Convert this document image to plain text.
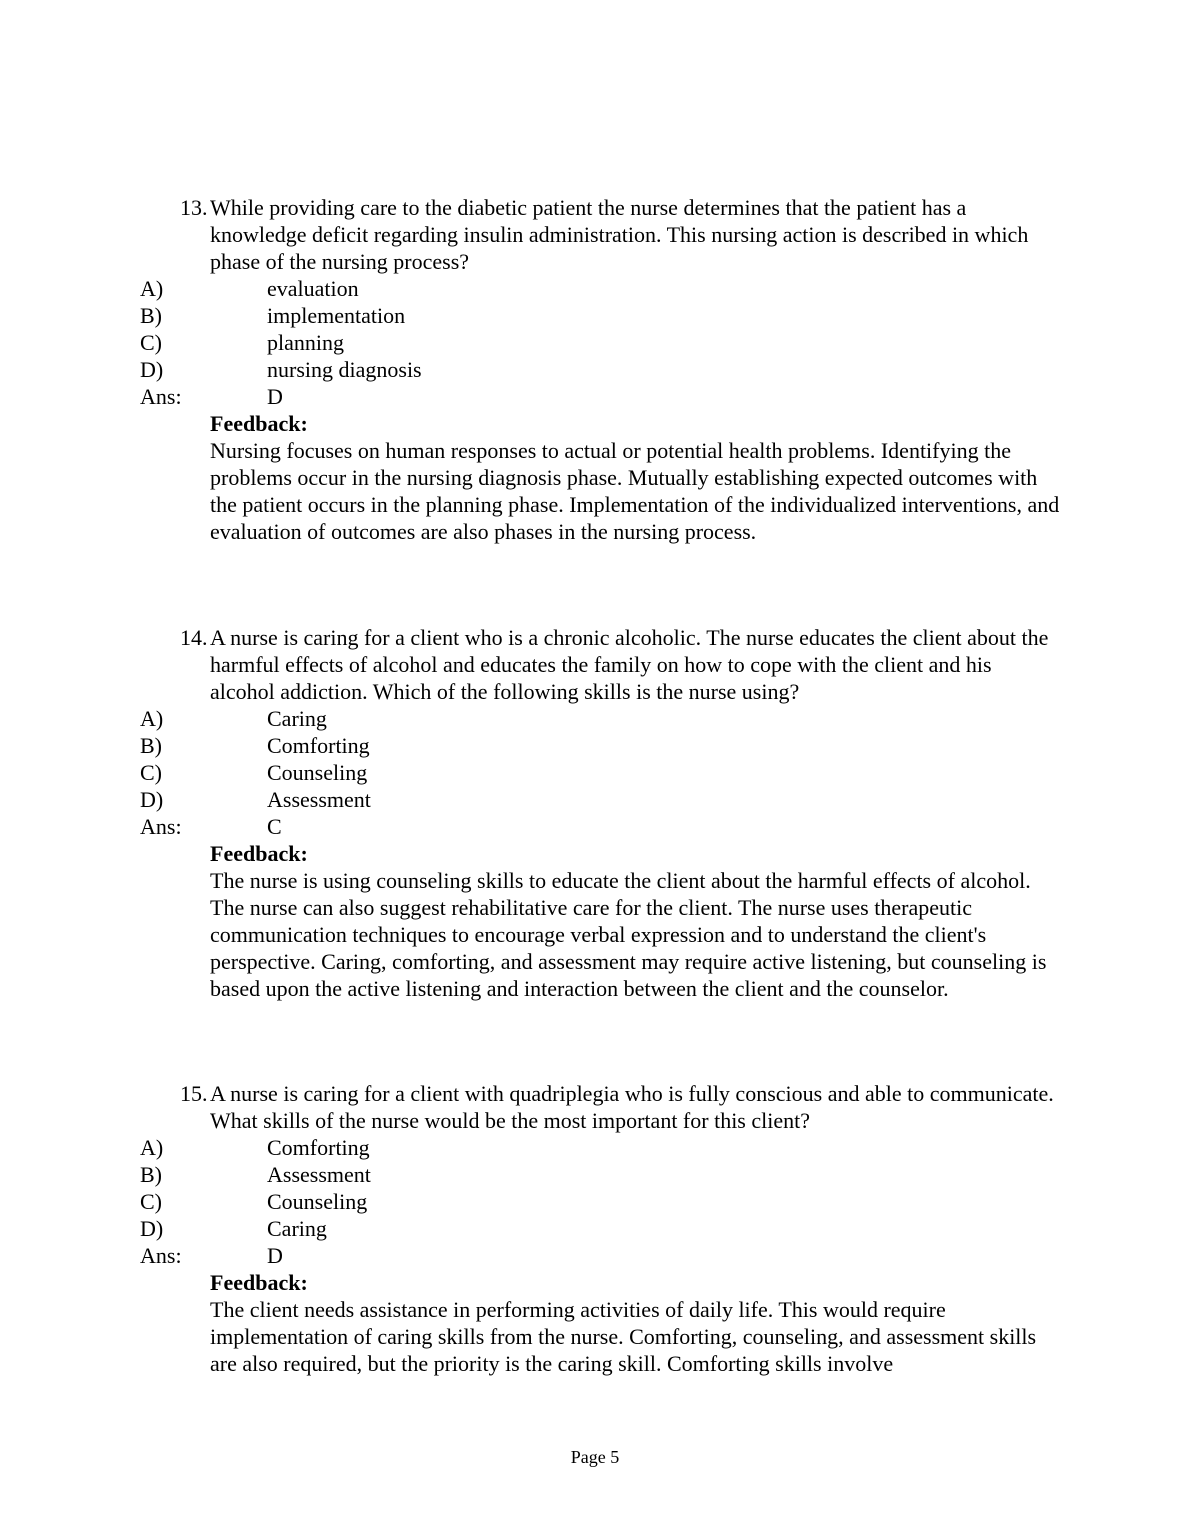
13. While providing care to the diabetic patient the nurse determines that the patient has a knowledge deficit regarding insulin administration. This nursing action is described in which phase of the nursing process?
A)	evaluation
B)	implementation
C)	planning
D)	nursing diagnosis
Ans:	D
Feedback:
Nursing focuses on human responses to actual or potential health problems. Identifying the problems occur in the nursing diagnosis phase. Mutually establishing expected outcomes with the patient occurs in the planning phase. Implementation of the individualized interventions, and evaluation of outcomes are also phases in the nursing process.
14. A nurse is caring for a client who is a chronic alcoholic. The nurse educates the client about the harmful effects of alcohol and educates the family on how to cope with the client and his alcohol addiction. Which of the following skills is the nurse using?
A)	Caring
B)	Comforting
C)	Counseling
D)	Assessment
Ans:	C
Feedback:
The nurse is using counseling skills to educate the client about the harmful effects of alcohol. The nurse can also suggest rehabilitative care for the client. The nurse uses therapeutic communication techniques to encourage verbal expression and to understand the client's perspective. Caring, comforting, and assessment may require active listening, but counseling is based upon the active listening and interaction between the client and the counselor.
15. A nurse is caring for a client with quadriplegia who is fully conscious and able to communicate. What skills of the nurse would be the most important for this client?
A)	Comforting
B)	Assessment
C)	Counseling
D)	Caring
Ans:	D
Feedback:
The client needs assistance in performing activities of daily life. This would require implementation of caring skills from the nurse. Comforting, counseling, and assessment skills are also required, but the priority is the caring skill. Comforting skills involve
Page 5
